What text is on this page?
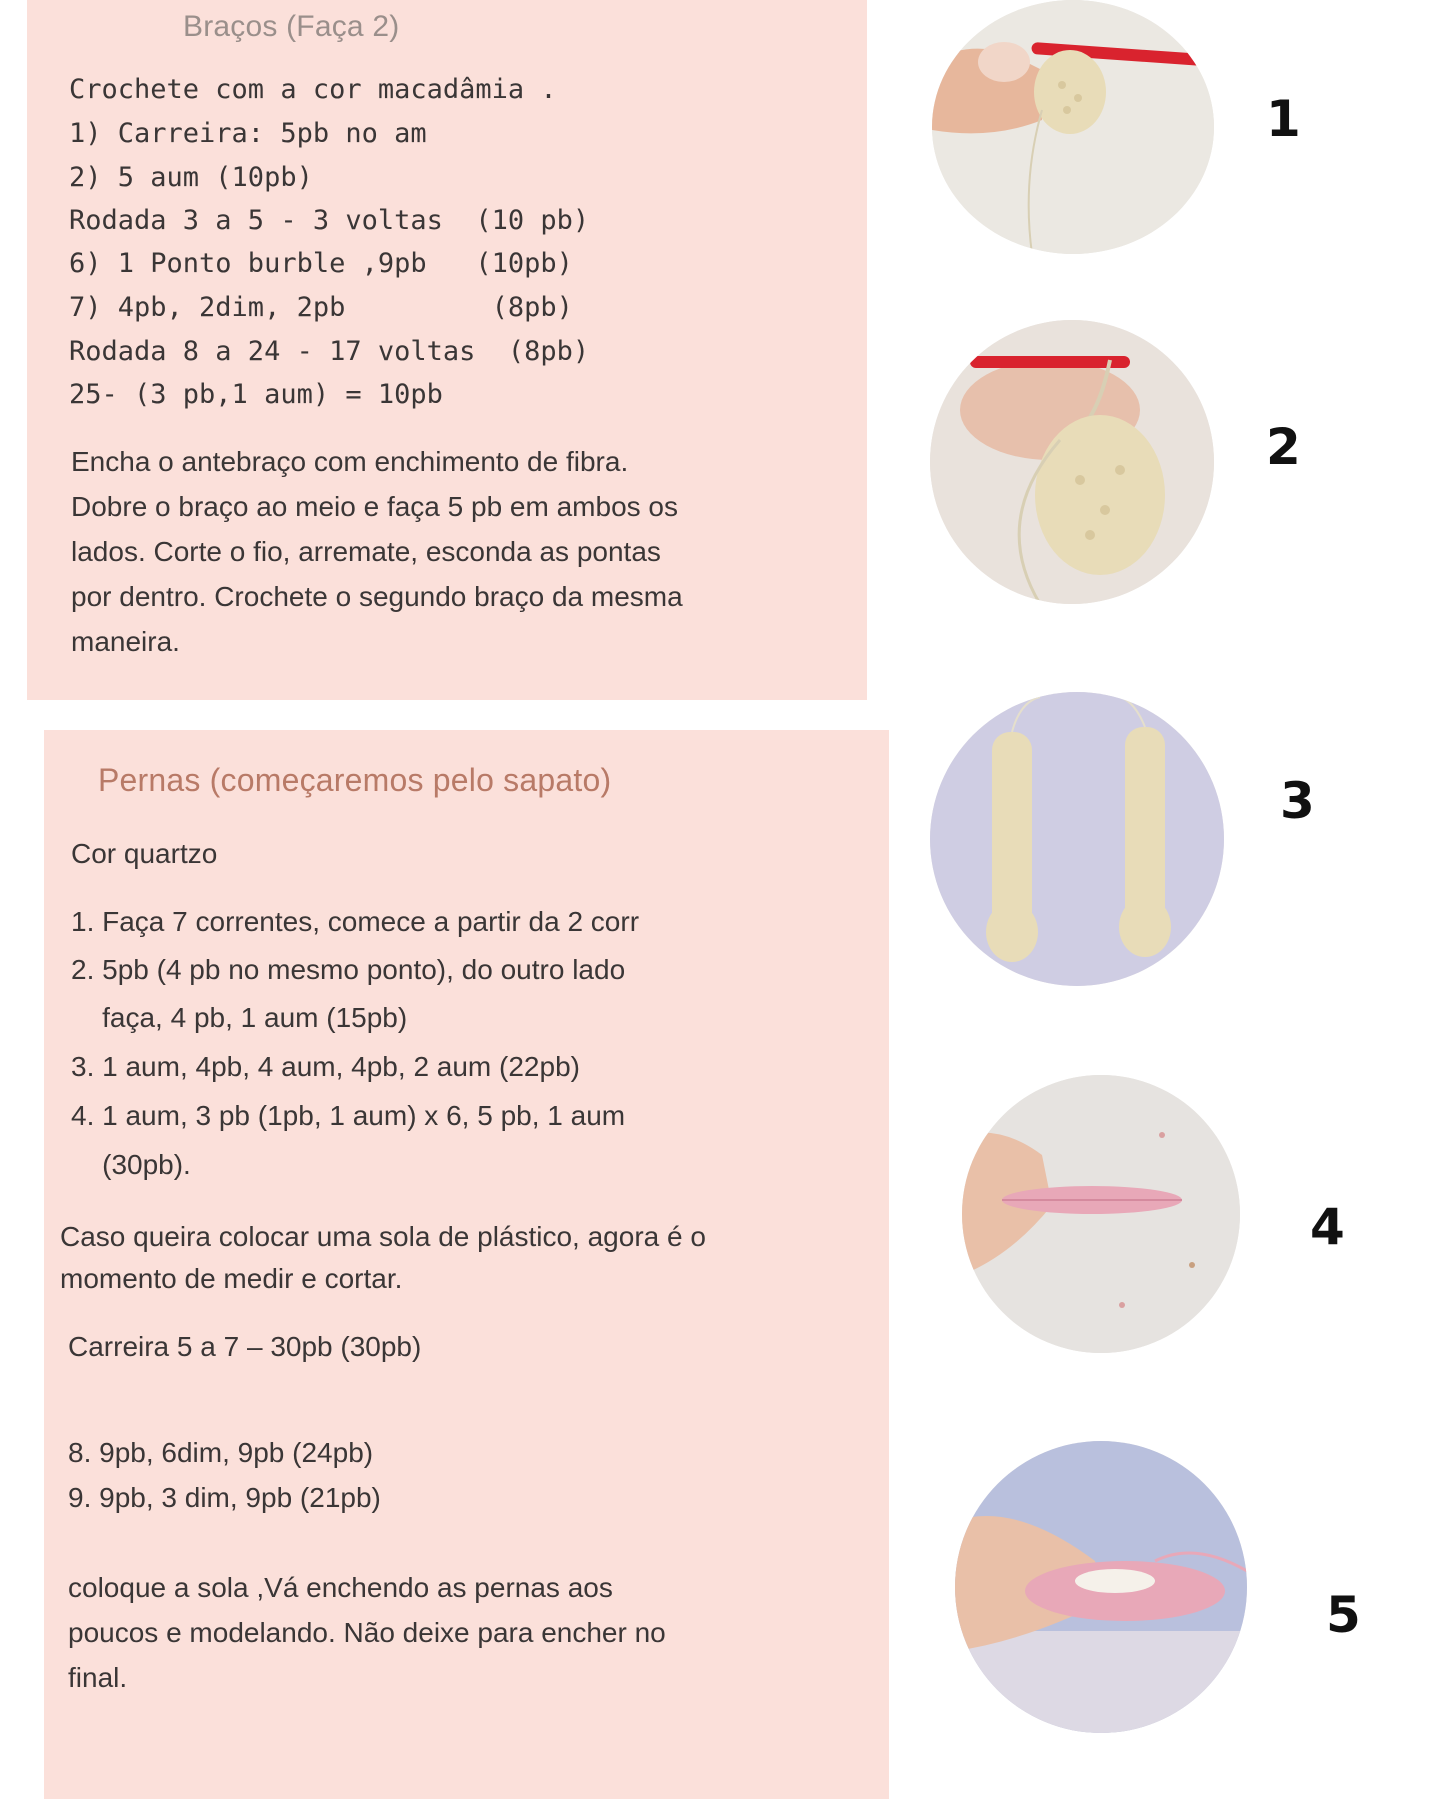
Braços (Faça 2)
Crochete com a cor macadâmia .
1) Carreira: 5pb no am
2) 5 aum (10pb)
Rodada 3 a 5 - 3 voltas  (10 pb)
6) 1 Ponto burble ,9pb   (10pb)
7) 4pb, 2dim, 2pb         (8pb)
Rodada 8 a 24 - 17 voltas  (8pb)
25- (3 pb,1 aum) = 10pb
Encha o antebraço com enchimento de fibra.
Dobre o braço ao meio e faça 5 pb em ambos os
lados. Corte o fio, arremate, esconda as pontas
por dentro. Crochete o segundo braço da mesma
maneira.
Pernas (começaremos pelo sapato)
Cor quartzo
1. Faça 7 correntes, comece a partir da 2 corr
2. 5pb (4 pb no mesmo ponto), do outro lado
faça, 4 pb, 1 aum (15pb)
3. 1 aum, 4pb, 4 aum, 4pb, 2 aum (22pb)
4. 1 aum, 3 pb (1pb, 1 aum) x 6, 5 pb, 1 aum
(30pb).
Caso queira colocar uma sola de plástico, agora é o
momento de medir e cortar.
Carreira 5 a 7 – 30pb (30pb)
8. 9pb, 6dim, 9pb (24pb)
9. 9pb, 3 dim, 9pb (21pb)
coloque a sola ,Vá enchendo as pernas aos
poucos e modelando. Não deixe para encher no
final.
1
2
3
4
5
